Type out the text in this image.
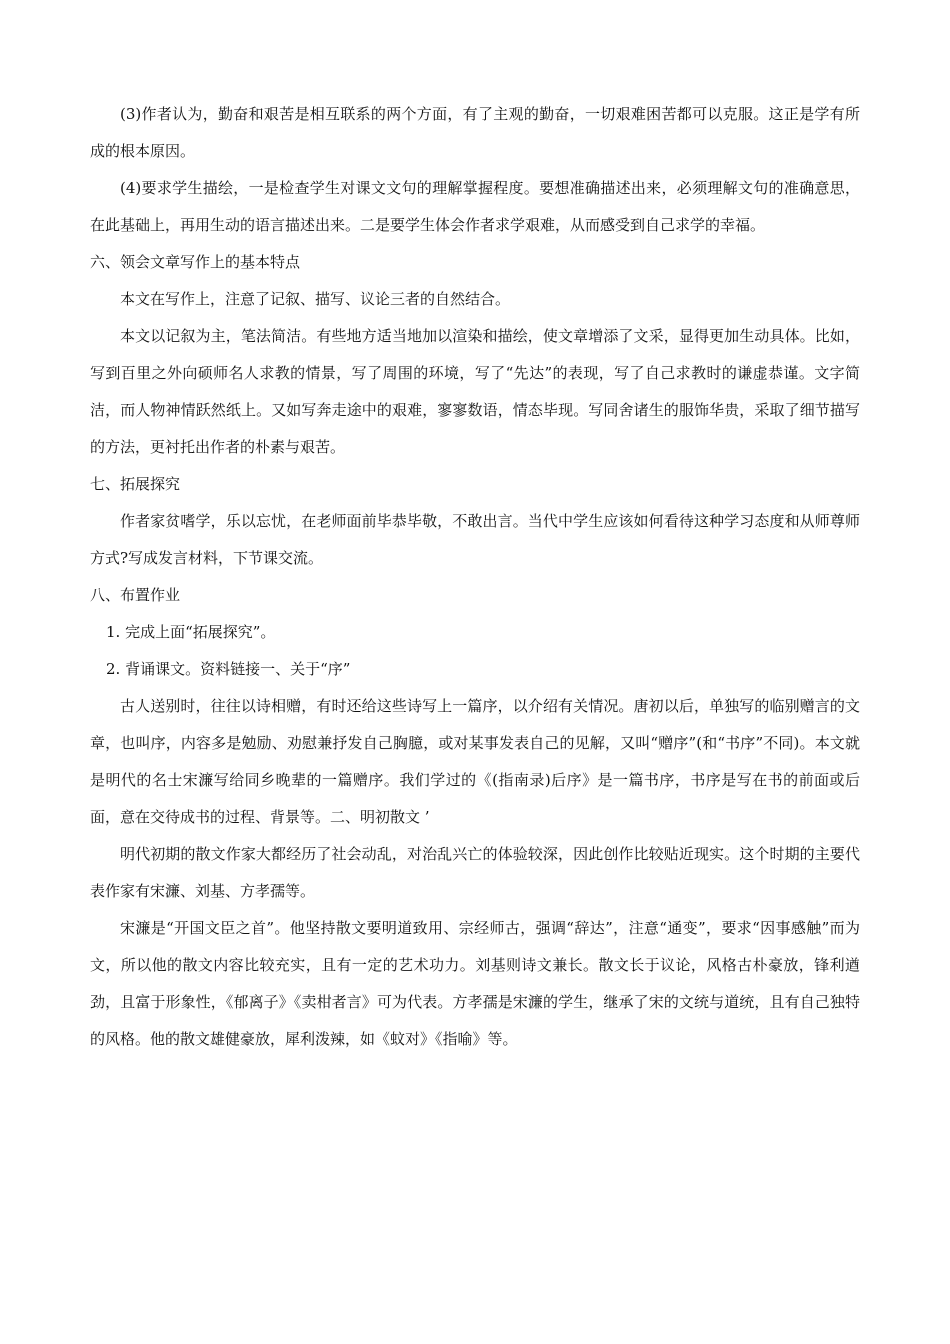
(3)作者认为，勤奋和艰苦是相互联系的两个方面，有了主观的勤奋，一切艰难困苦都可以克服。这正是学有所成的根本原因。

(4)要求学生描绘，一是检查学生对课文文句的理解掌握程度。要想准确描述出来，必须理解文句的准确意思，在此基础上，再用生动的语言描述出来。二是要学生体会作者求学艰难，从而感受到自己求学的幸福。

六、领会文章写作上的基本特点

本文在写作上，注意了记叙、描写、议论三者的自然结合。

本文以记叙为主，笔法简洁。有些地方适当地加以渲染和描绘，使文章增添了文采，显得更加生动具体。比如，写到百里之外向硕师名人求教的情景，写了周围的环境，写了“先达”的表现，写了自己求教时的谦虚恭谨。文字简洁，而人物神情跃然纸上。又如写奔走途中的艰难，寥寥数语，情态毕现。写同舍诸生的服饰华贵，采取了细节描写的方法，更衬托出作者的朴素与艰苦。

七、拓展探究

作者家贫嗜学，乐以忘忧，在老师面前毕恭毕敬，不敢出言。当代中学生应该如何看待这种学习态度和从师尊师方式?写成发言材料，下节课交流。

八、布置作业

1. 完成上面“拓展探究”。

2. 背诵课文。资料链接一、关于“序”

古人送别时，往往以诗相赠，有时还给这些诗写上一篇序，以介绍有关情况。唐初以后，单独写的临别赠言的文章，也叫序，内容多是勉励、劝慰兼抒发自己胸臆，或对某事发表自己的见解，又叫“赠序”(和“书序”不同)。本文就是明代的名士宋濂写给同乡晚辈的一篇赠序。我们学过的《(指南录)后序》是一篇书序，书序是写在书的前面或后面，意在交待成书的过程、背景等。二、明初散文 ’

明代初期的散文作家大都经历了社会动乱，对治乱兴亡的体验较深，因此创作比较贴近现实。这个时期的主要代表作家有宋濂、刘基、方孝孺等。

宋濂是“开国文臣之首”。他坚持散文要明道致用、宗经师古，强调“辞达”，注意“通变”，要求“因事感触”而为文，所以他的散文内容比较充实，且有一定的艺术功力。刘基则诗文兼长。散文长于议论，风格古朴豪放，锋利遒劲，且富于形象性，《郁离子》《卖柑者言》可为代表。方孝孺是宋濂的学生，继承了宋的文统与道统，且有自己独特的风格。他的散文雄健豪放，犀利泼辣，如《蚊对》《指喻》等。
